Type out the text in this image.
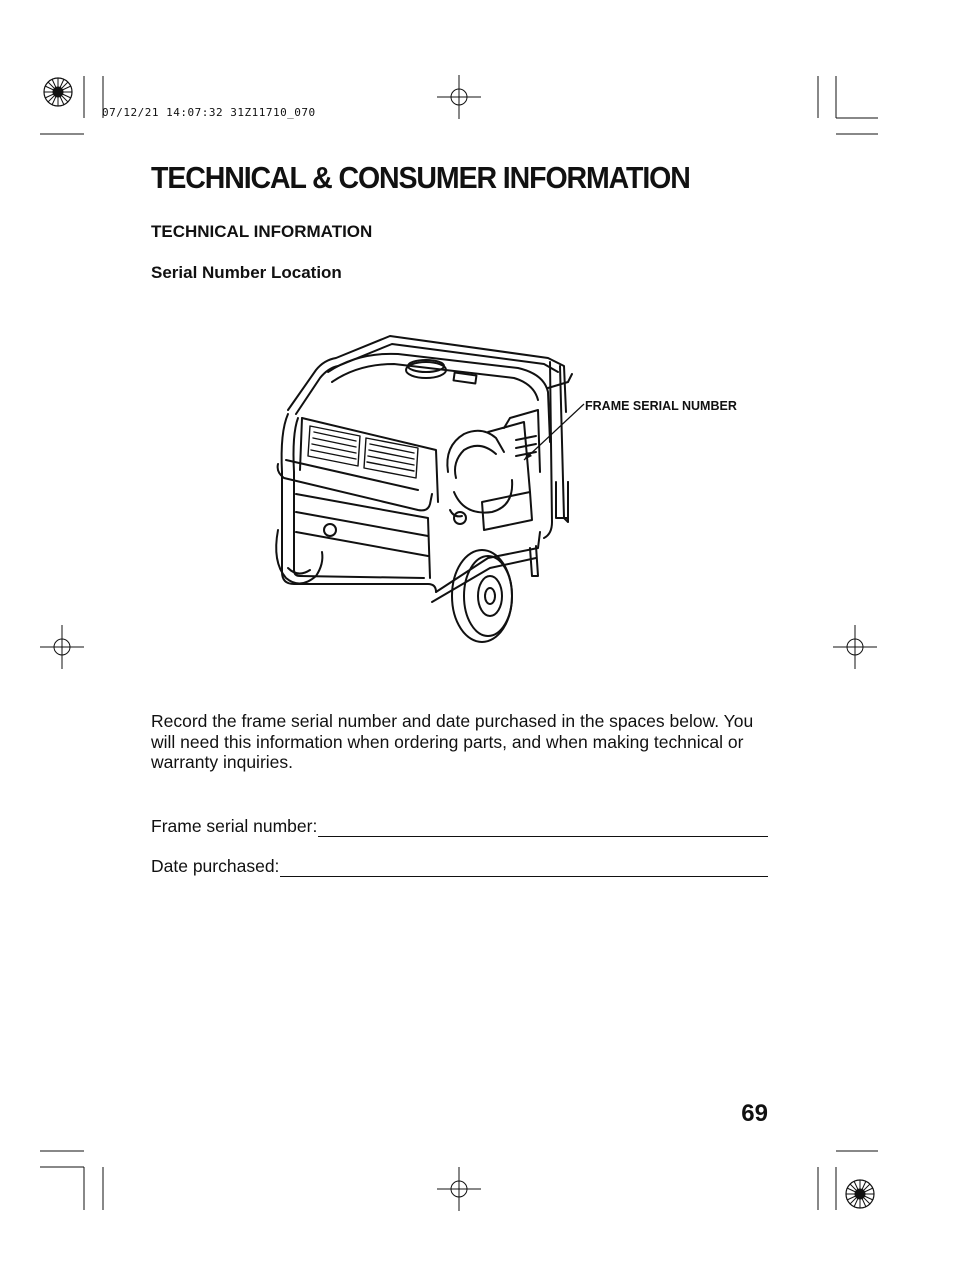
07/12/21 14:07:32 31Z11710_070
TECHNICAL & CONSUMER INFORMATION
TECHNICAL INFORMATION
Serial Number Location
FRAME SERIAL NUMBER

Record the frame serial number and date purchased in the spaces below. You will need this information when ordering parts, and when making technical or warranty inquiries.

Frame serial number:
Date purchased:
69
